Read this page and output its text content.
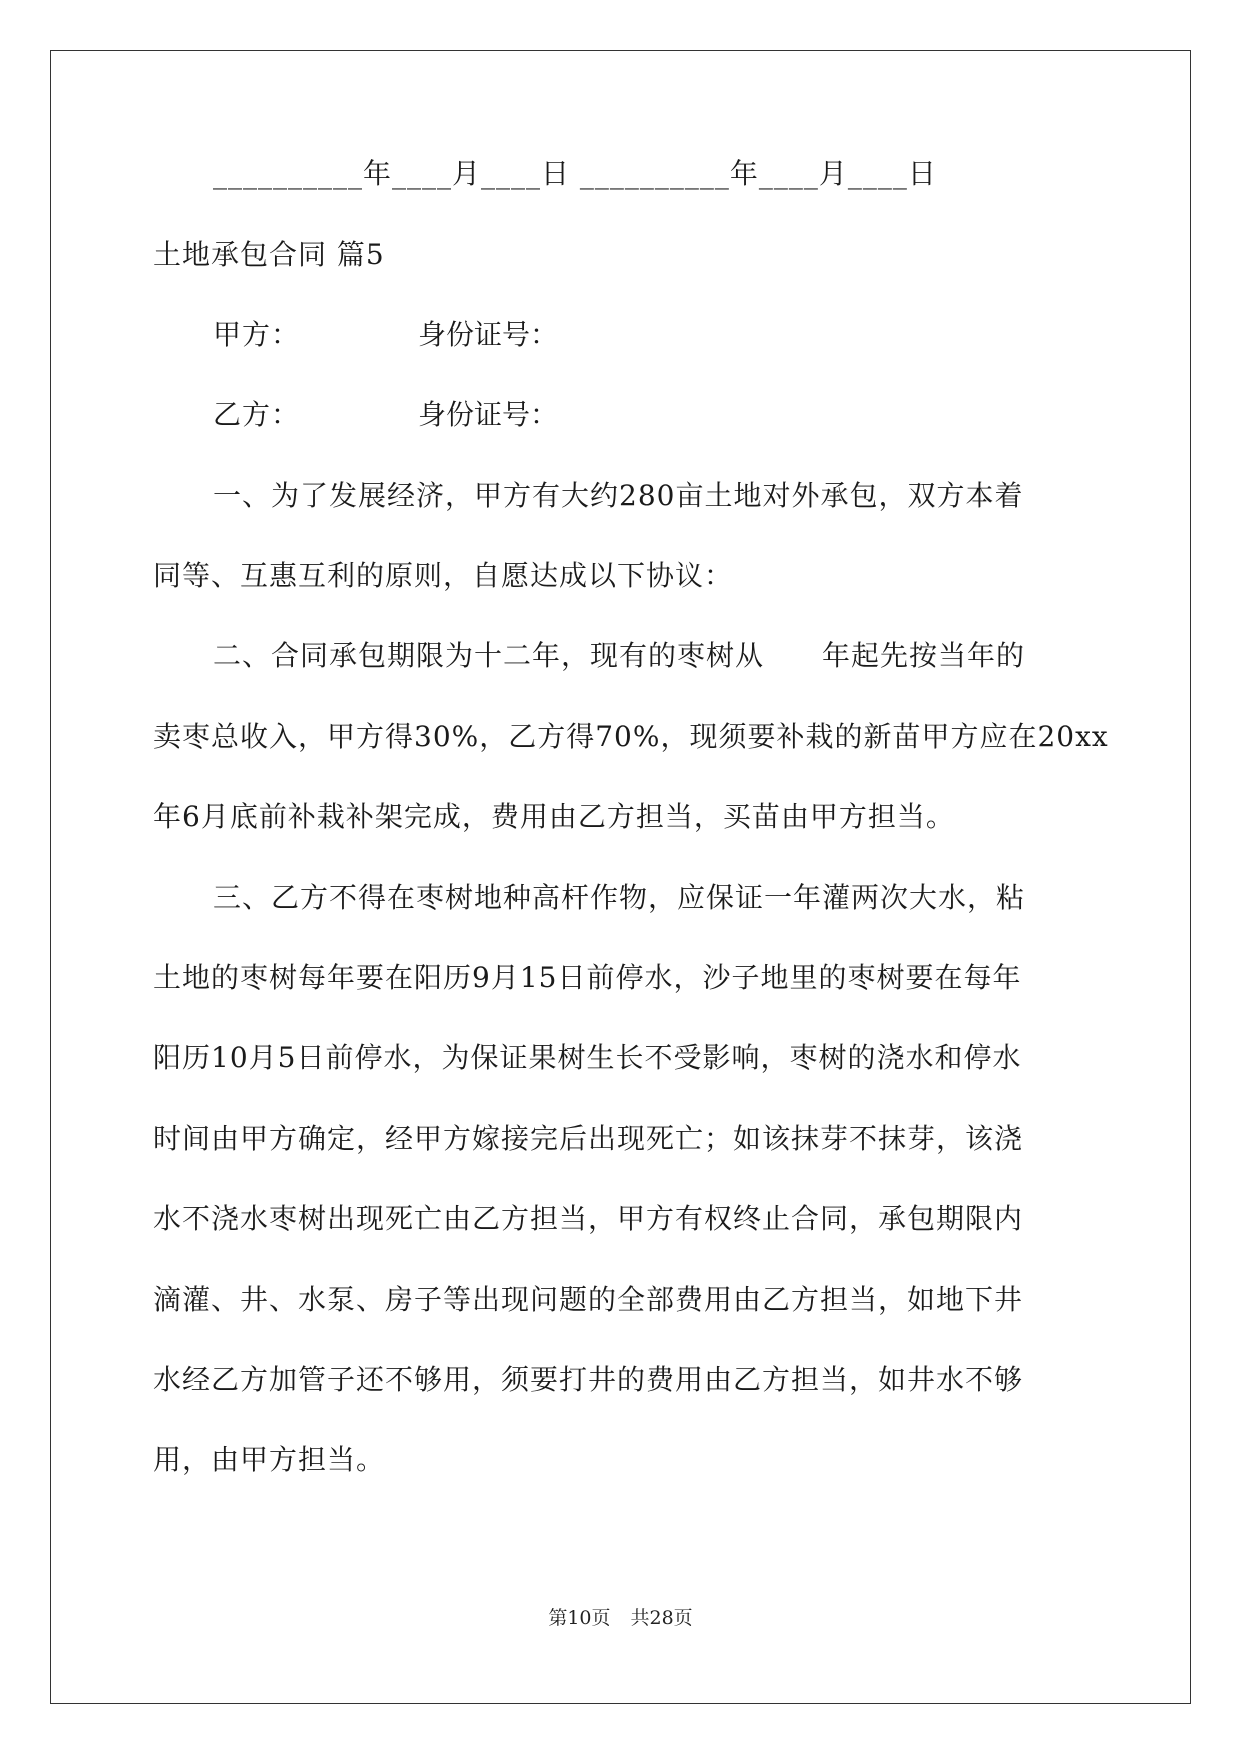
__________年____月____日 __________年____月____日
土地承包合同 篇5
甲方：	身份证号：
乙方：	身份证号：
一、为了发展经济，甲方有大约280亩土地对外承包，双方本着
同等、互惠互利的原则，自愿达成以下协议：
二、合同承包期限为十二年，现有的枣树从　　年起先按当年的
卖枣总收入，甲方得30%，乙方得70%，现须要补栽的新苗甲方应在20xx
年6月底前补栽补架完成，费用由乙方担当，买苗由甲方担当。
三、乙方不得在枣树地种高杆作物，应保证一年灌两次大水，粘
土地的枣树每年要在阳历9月15日前停水，沙子地里的枣树要在每年
阳历10月5日前停水，为保证果树生长不受影响，枣树的浇水和停水
时间由甲方确定，经甲方嫁接完后出现死亡；如该抹芽不抹芽，该浇
水不浇水枣树出现死亡由乙方担当，甲方有权终止合同，承包期限内
滴灌、井、水泵、房子等出现问题的全部费用由乙方担当，如地下井
水经乙方加管子还不够用，须要打井的费用由乙方担当，如井水不够
用，由甲方担当。
第10页 共28页
